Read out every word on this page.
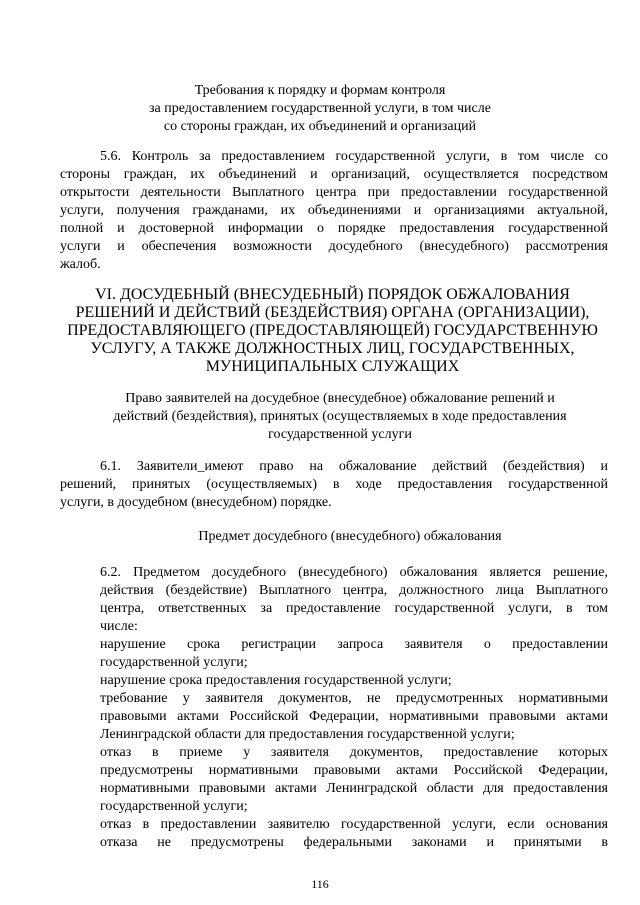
Требования к порядку и формам контроля
за предоставлением государственной услуги, в том числе
со стороны граждан, их объединений и организаций
5.6. Контроль за предоставлением государственной услуги, в том числе со
стороны граждан, их объединений и организаций, осуществляется посредством
открытости деятельности Выплатного центра при предоставлении государственной
услуги, получения гражданами, их объединениями и организациями актуальной,
полной и достоверной информации о порядке предоставления государственной
услуги и обеспечения возможности досудебного (внесудебного) рассмотрения
жалоб.
VI. ДОСУДЕБНЫЙ (ВНЕСУДЕБНЫЙ) ПОРЯДОК ОБЖАЛОВАНИЯ
РЕШЕНИЙ И ДЕЙСТВИЙ (БЕЗДЕЙСТВИЯ) ОРГАНА (ОРГАНИЗАЦИИ),
ПРЕДОСТАВЛЯЮЩЕГО (ПРЕДОСТАВЛЯЮЩЕЙ) ГОСУДАРСТВЕННУЮ
УСЛУГУ, А ТАКЖЕ ДОЛЖНОСТНЫХ ЛИЦ, ГОСУДАРСТВЕННЫХ,
МУНИЦИПАЛЬНЫХ СЛУЖАЩИХ
Право заявителей на досудебное (внесудебное) обжалование решений и
действий (бездействия), принятых (осуществляемых в ходе предоставления
государственной услуги
6.1. Заявители_имеют право на обжалование действий (бездействия) и
решений, принятых (осуществляемых) в ходе предоставления государственной
услуги, в досудебном (внесудебном) порядке.
Предмет досудебного (внесудебного) обжалования
6.2. Предметом досудебного (внесудебного) обжалования является решение,
действия (бездействие) Выплатного центра, должностного лица Выплатного
центра, ответственных за предоставление государственной услуги, в том
числе:
нарушение срока регистрации запроса заявителя о предоставлении
государственной услуги;
нарушение срока предоставления государственной услуги;
требование у заявителя документов, не предусмотренных нормативными
правовыми актами Российской Федерации, нормативными правовыми актами
Ленинградской области для предоставления государственной услуги;
отказ в приеме у заявителя документов, предоставление которых
предусмотрены нормативными правовыми актами Российской Федерации,
нормативными правовыми актами Ленинградской области для предоставления
государственной услуги;
отказ в предоставлении заявителю государственной услуги, если основания
отказа не предусмотрены федеральными законами и принятыми в
116
